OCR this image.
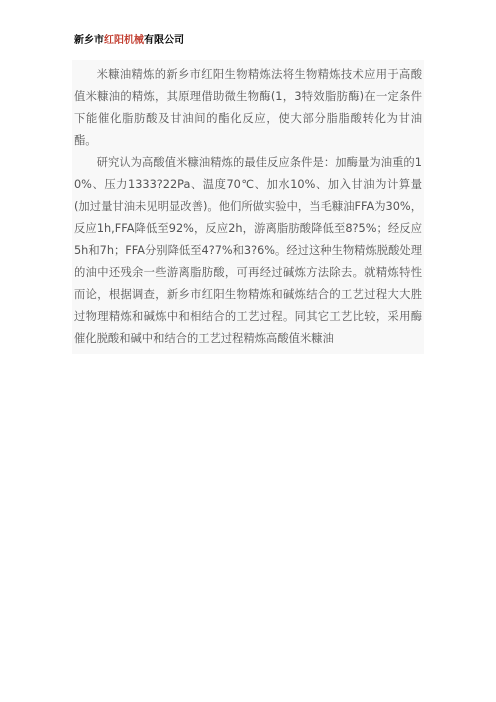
新乡市红阳机械有限公司

米糠油精炼的新乡市红阳生物精炼法将生物精炼技术应用于高酸值米糠油的精炼，其原理借助微生物酶(1，3特效脂肪酶)在一定条件下能催化脂肪酸及甘油间的酯化反应，使大部分脂脂酸转化为甘油酯。

研究认为高酸值米糠油精炼的最佳反应条件是：加酶量为油重的10%、压力1333?22Pa、温度70℃、加水10%、加入甘油为计算量(加过量甘油未见明显改善)。他们所做实验中，当毛糠油FFA为30%，反应1h,FFA降低至92%，反应2h，游离脂肪酸降低至8?5%；经反应5h和7h；FFA分别降低至4?7%和3?6%。经过这种生物精炼脱酸处理的油中还残余一些游离脂肪酸，可再经过碱炼方法除去。就精炼特性而论，根据调查，新乡市红阳生物精炼和碱炼结合的工艺过程大大胜过物理精炼和碱炼中和相结合的工艺过程。同其它工艺比较，采用酶催化脱酸和碱中和结合的工艺过程精炼高酸值米糠油
